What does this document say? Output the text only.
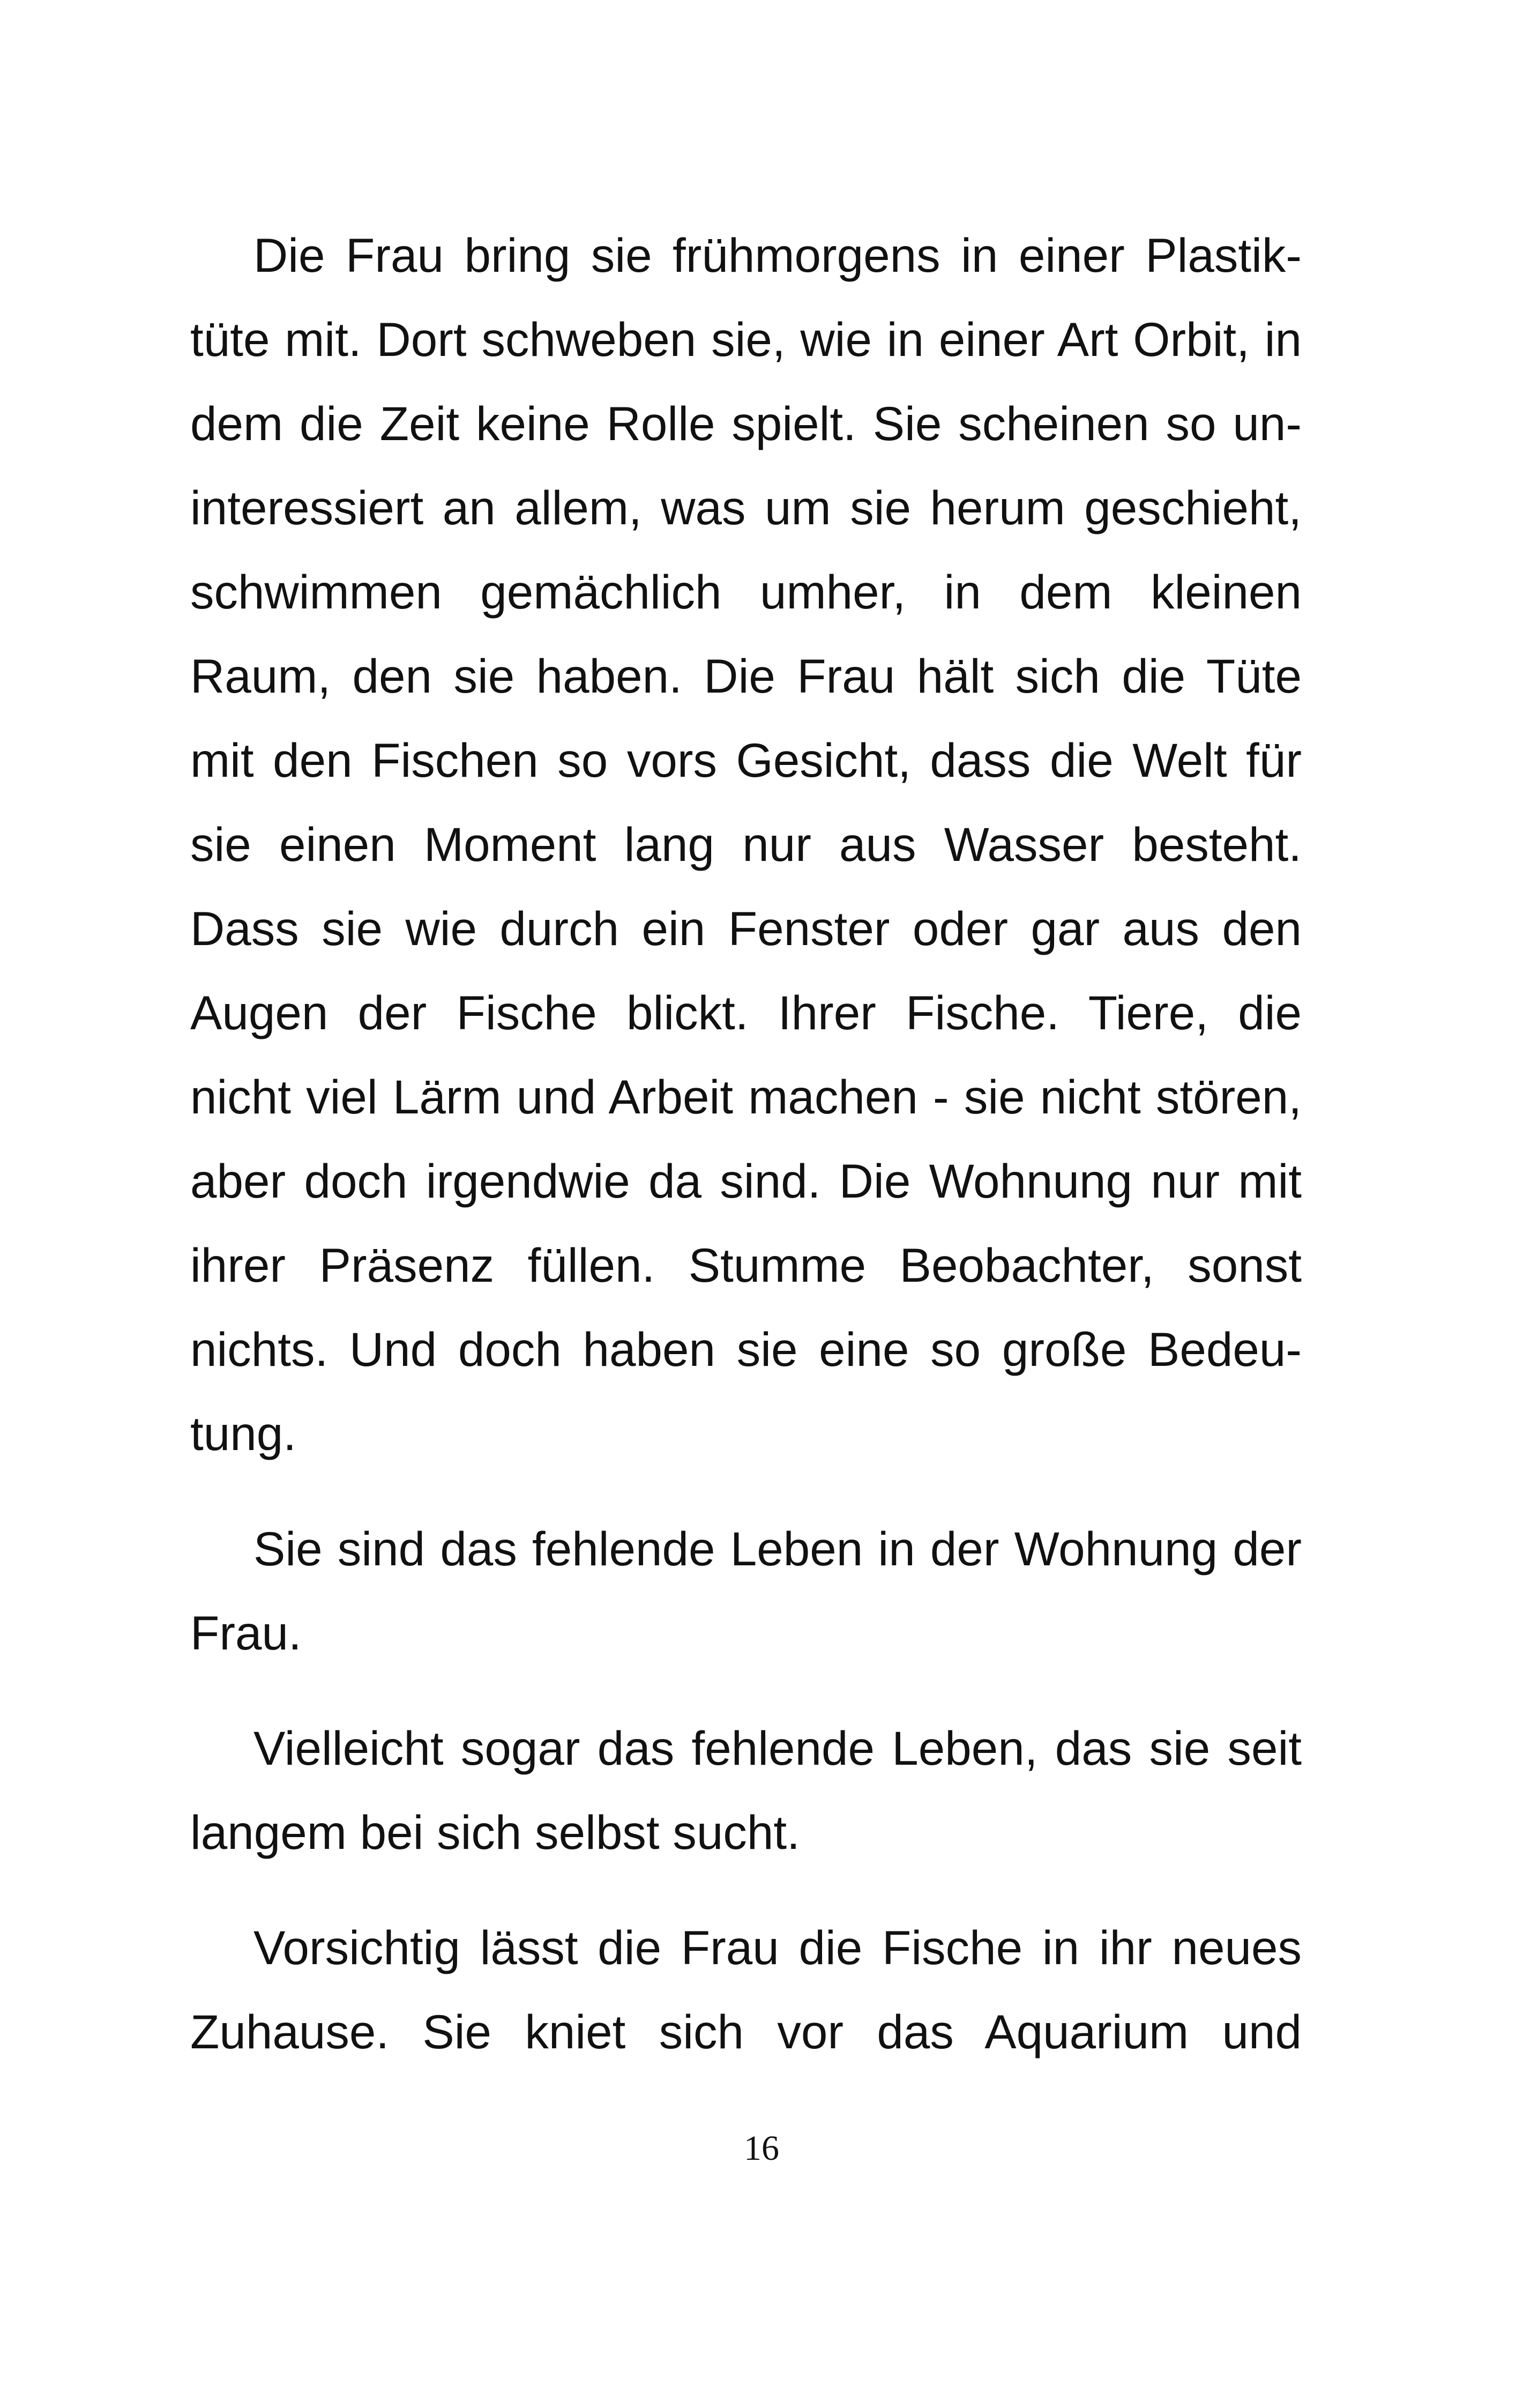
Die Frau bring sie frühmorgens in einer Plastik-
tüte mit. Dort schweben sie, wie in einer Art Orbit, in
dem die Zeit keine Rolle spielt. Sie scheinen so un-
interessiert an allem, was um sie herum geschieht,
schwimmen gemächlich umher, in dem kleinen
Raum, den sie haben. Die Frau hält sich die Tüte
mit den Fischen so vors Gesicht, dass die Welt für
sie einen Moment lang nur aus Wasser besteht.
Dass sie wie durch ein Fenster oder gar aus den
Augen der Fische blickt. Ihrer Fische. Tiere, die
nicht viel Lärm und Arbeit machen - sie nicht stören,
aber doch irgendwie da sind. Die Wohnung nur mit
ihrer Präsenz füllen. Stumme Beobachter, sonst
nichts. Und doch haben sie eine so große Bedeu-
tung.
Sie sind das fehlende Leben in der Wohnung der
Frau.
Vielleicht sogar das fehlende Leben, das sie seit
langem bei sich selbst sucht.
Vorsichtig lässt die Frau die Fische in ihr neues
Zuhause. Sie kniet sich vor das Aquarium und
16
